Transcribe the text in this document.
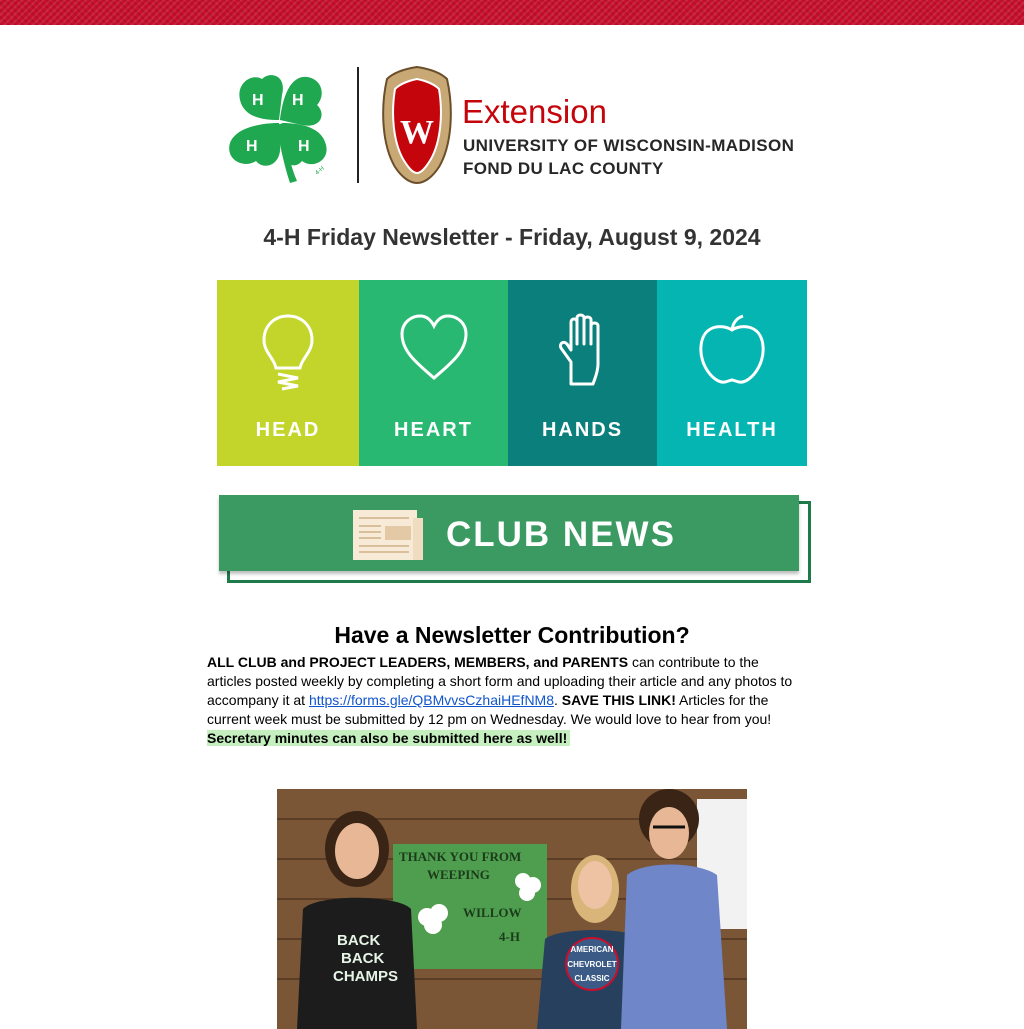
H H
H	H
4-H
W
Extension
UNIVERSITY OF WISCONSIN-MADISON
FOND DU LAC COUNTY
4-H Friday Newsletter - Friday, August 9, 2024
HEAD	HEART	HANDS	HEALTH
CLUB NEWS
Have a Newsletter Contribution?
ALL CLUB and PROJECT LEADERS, MEMBERS, and PARENTS can contribute to the articles posted weekly by completing a short form and uploading their article and any photos to accompany it at https://forms.gle/QBMvvsCzhaiHEfNM8. SAVE THIS LINK! Articles for the current week must be submitted by 12 pm on Wednesday. We would love to hear from you!
Secretary minutes can also be submitted here as well!
THANK YOU FROM
WEEPING
WILLOW
4-H
BACK
BACK
CHAMPS
AMERICAN
CHEVROLET
CLASSIC
